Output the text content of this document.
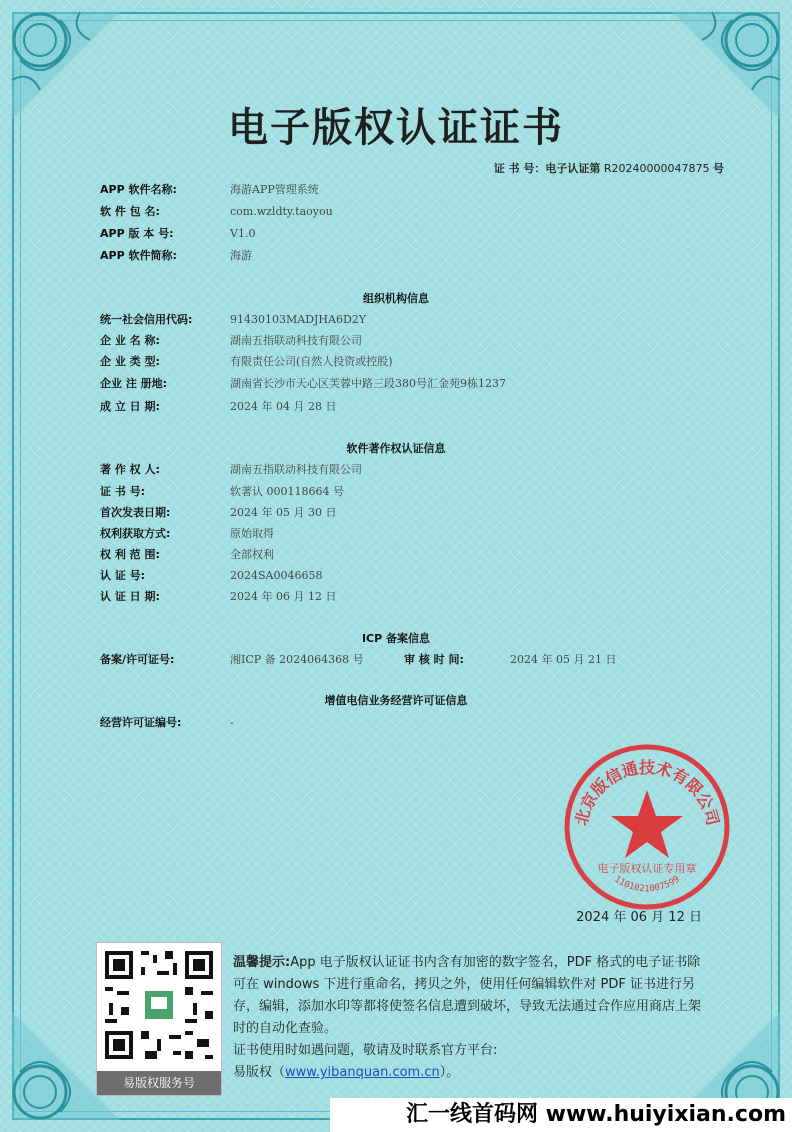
电子版权认证证书
证 书 号：电子认证第 R20240000047875 号
APP 软件名称:	海游APP管理系统
软 件 包 名:	com.wzldty.taoyou
APP 版 本 号:	V1.0
APP 软件简称:	海游
组织机构信息
统一社会信用代码:	91430103MADJHA6D2Y
企 业 名 称:	湖南五指联动科技有限公司
企 业 类 型:	有限责任公司(自然人投资或控股)
企业 注 册地:	湖南省长沙市天心区芙蓉中路三段380号汇金苑9栋1237
成 立 日 期:	2024 年 04 月 28 日
软件著作权认证信息
著 作 权 人:	湖南五指联动科技有限公司
证 书 号:	软著认 000118664 号
首次发表日期:	2024 年 05 月 30 日
权利获取方式:	原始取得
权 利 范 围:	全部权利
认 证 号:	2024SA0046658
认 证 日 期:	2024 年 06 月 12 日
ICP 备案信息
备案/许可证号:	湘ICP 备 2024064368 号	审 核 时 间:	2024 年 05 月 21 日
增值电信业务经营许可证信息
经营许可证编号:	-
北京版信通技术有限公司
电子版权认证专用章
1101021007599
2024 年 06 月 12 日
易版权服务号
温馨提示:App 电子版权认证证书内含有加密的数字签名，PDF 格式的电子证书除可在 windows 下进行重命名，拷贝之外，使用任何编辑软件对 PDF 证书进行另存，编辑，添加水印等都将使签名信息遭到破坏，导致无法通过合作应用商店上架时的自动化查验。
证书使用时如遇问题，敬请及时联系官方平台:
易版权（www.yibanquan.com.cn）。
汇一线首码网 www.huiyixian.com
